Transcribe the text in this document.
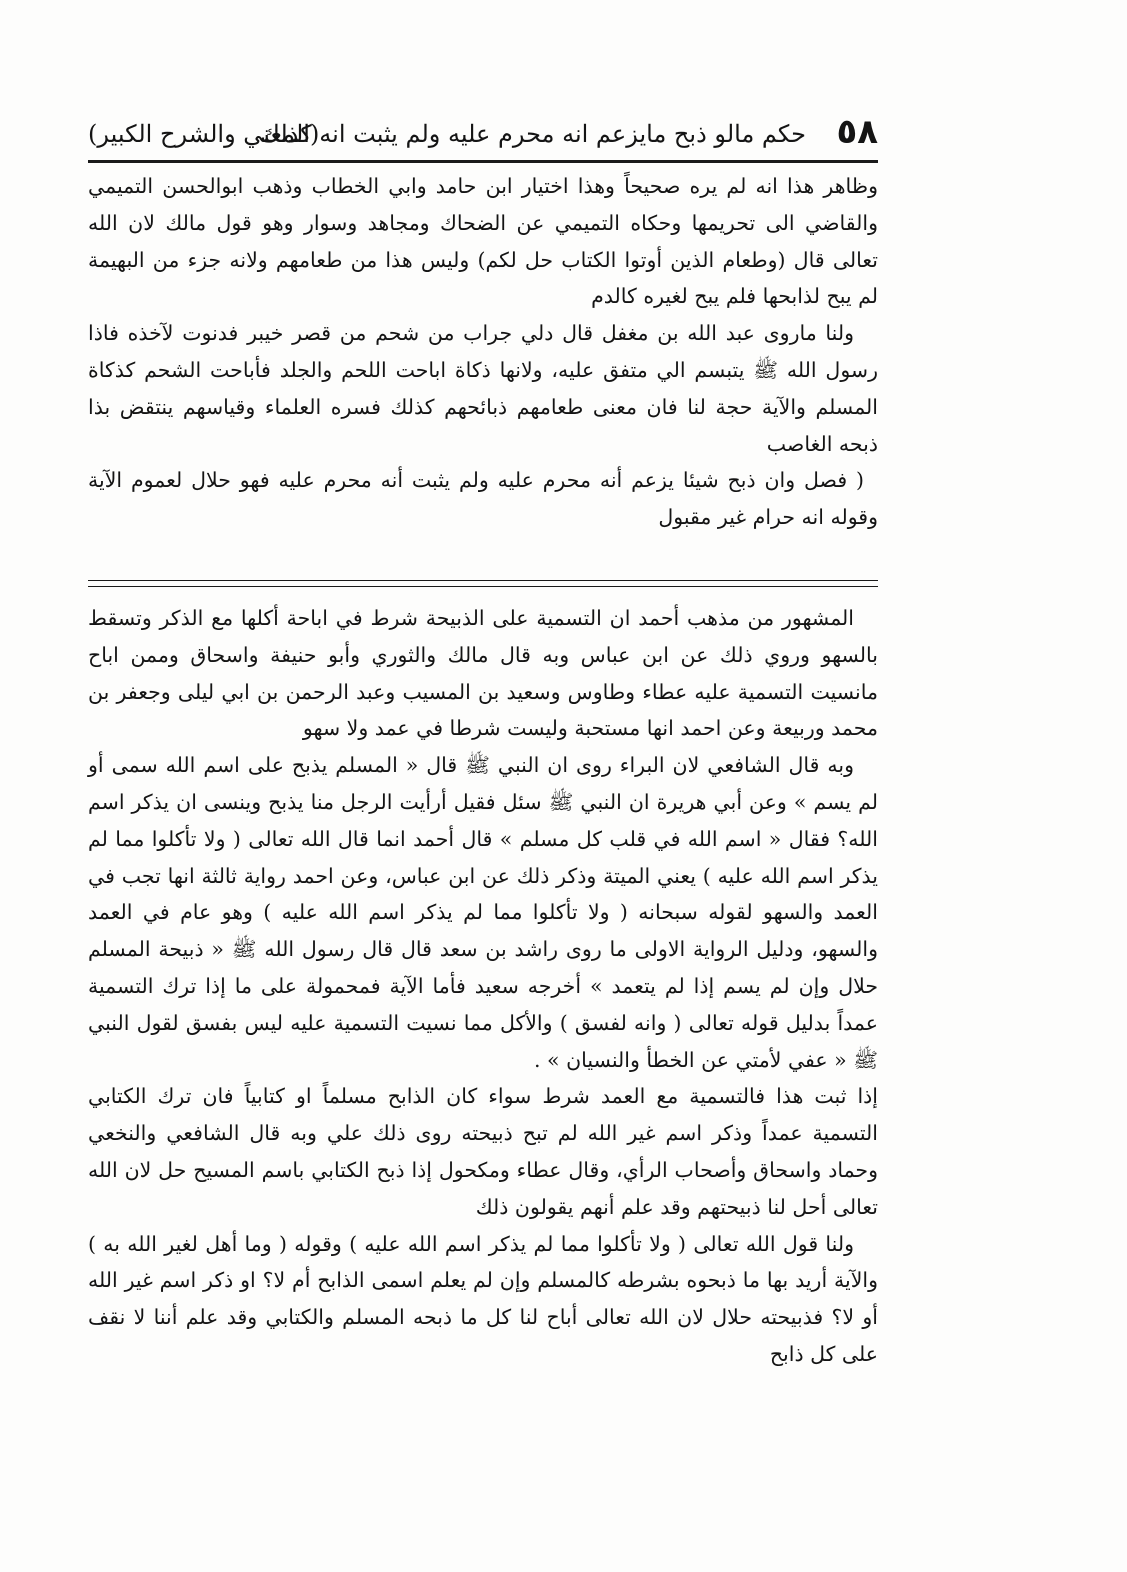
٥٨
حكم مالو ذبح مايزعم انه محرم عليه ولم يثبت انه كذلك
(المغني والشرح الكبير)

وظاهر هذا انه لم يره صحيحاً وهذا اختيار ابن حامد وابي الخطاب وذهب ابوالحسن التميمي والقاضي الى تحريمها وحكاه التميمي عن الضحاك ومجاهد وسوار وهو قول مالك لان الله تعالى قال (وطعام الذين أوتوا الكتاب حل لكم) وليس هذا من طعامهم ولانه جزء من البهيمة لم يبح لذابحها فلم يبح لغيره كالدم

ولنا ماروى عبد الله بن مغفل قال دلي جراب من شحم من قصر خيبر فدنوت لآخذه فاذا رسول الله ﷺ يتبسم الي متفق عليه، ولانها ذكاة اباحت اللحم والجلد فأباحت الشحم كذكاة المسلم والآية حجة لنا فان معنى طعامهم ذبائحهم كذلك فسره العلماء وقياسهم ينتقض بذا ذبحه الغاصب

( فصل وان ذبح شيئا يزعم أنه محرم عليه ولم يثبت أنه محرم عليه فهو حلال لعموم الآية وقوله انه حرام غير مقبول

المشهور من مذهب أحمد ان التسمية على الذبيحة شرط في اباحة أكلها مع الذكر وتسقط بالسهو وروي ذلك عن ابن عباس وبه قال مالك والثوري وأبو حنيفة واسحاق وممن اباح مانسيت التسمية عليه عطاء وطاوس وسعيد بن المسيب وعبد الرحمن بن ابي ليلى وجعفر بن محمد وربيعة وعن احمد انها مستحبة وليست شرطا في عمد ولا سهو

وبه قال الشافعي لان البراء روى ان النبي ﷺ قال « المسلم يذبح على اسم الله سمى أو لم يسم » وعن أبي هريرة ان النبي ﷺ سئل فقيل أرأيت الرجل منا يذبح وينسى ان يذكر اسم الله؟ فقال « اسم الله في قلب كل مسلم » قال أحمد انما قال الله تعالى ( ولا تأكلوا مما لم يذكر اسم الله عليه ) يعني الميتة وذكر ذلك عن ابن عباس، وعن احمد رواية ثالثة انها تجب في العمد والسهو لقوله سبحانه ( ولا تأكلوا مما لم يذكر اسم الله عليه ) وهو عام في العمد والسهو، ودليل الرواية الاولى ما روى راشد بن سعد قال قال رسول الله ﷺ « ذبيحة المسلم حلال وإن لم يسم إذا لم يتعمد » أخرجه سعيد فأما الآية فمحمولة على ما إذا ترك التسمية عمداً بدليل قوله تعالى ( وانه لفسق ) والأكل مما نسيت التسمية عليه ليس بفسق لقول النبي ﷺ « عفي لأمتي عن الخطأ والنسيان » .

إذا ثبت هذا فالتسمية مع العمد شرط سواء كان الذابح مسلماً او كتابياً فان ترك الكتابي التسمية عمداً وذكر اسم غير الله لم تبح ذبيحته روى ذلك علي وبه قال الشافعي والنخعي وحماد واسحاق وأصحاب الرأي، وقال عطاء ومكحول إذا ذبح الكتابي باسم المسيح حل لان الله تعالى أحل لنا ذبيحتهم وقد علم أنهم يقولون ذلك

ولنا قول الله تعالى ( ولا تأكلوا مما لم يذكر اسم الله عليه ) وقوله ( وما أهل لغير الله به ) والآية أريد بها ما ذبحوه بشرطه كالمسلم وإن لم يعلم اسمى الذابح أم لا؟ او ذكر اسم غير الله أو لا؟ فذبيحته حلال لان الله تعالى أباح لنا كل ما ذبحه المسلم والكتابي وقد علم أننا لا نقف على كل ذابح
